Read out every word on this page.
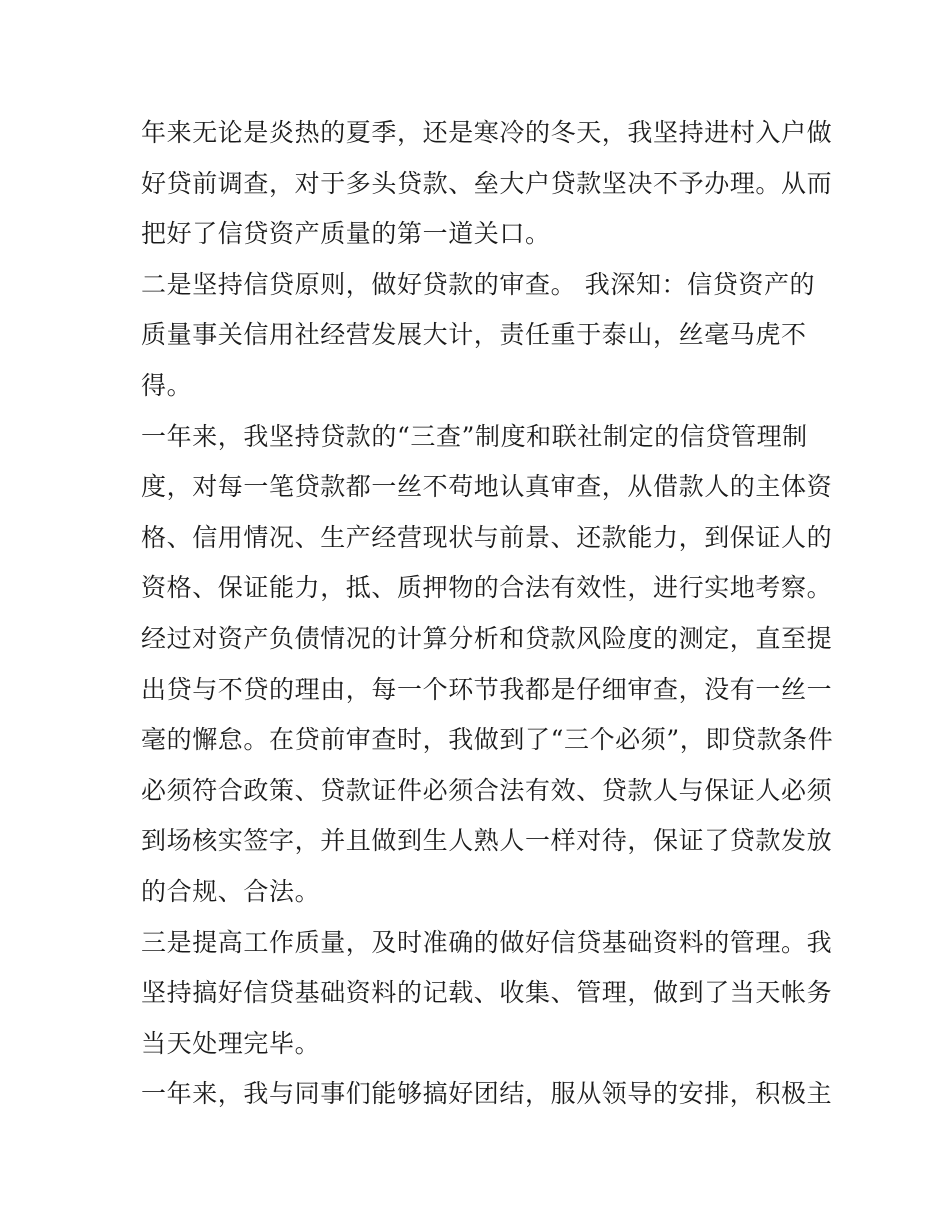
年来无论是炎热的夏季，还是寒冷的冬天，我坚持进村入户做

好贷前调查，对于多头贷款、垒大户贷款坚决不予办理。从而

把好了信贷资产质量的第一道关口。

二是坚持信贷原则，做好贷款的审查。 我深知：信贷资产的

质量事关信用社经营发展大计，责任重于泰山，丝毫马虎不

得。

一年来，我坚持贷款的“三查”制度和联社制定的信贷管理制

度，对每一笔贷款都一丝不苟地认真审查，从借款人的主体资

格、信用情况、生产经营现状与前景、还款能力，到保证人的

资格、保证能力，抵、质押物的合法有效性，进行实地考察。

经过对资产负债情况的计算分析和贷款风险度的测定，直至提

出贷与不贷的理由，每一个环节我都是仔细审查，没有一丝一

毫的懈怠。在贷前审查时，我做到了“三个必须”，即贷款条件

必须符合政策、贷款证件必须合法有效、贷款人与保证人必须

到场核实签字，并且做到生人熟人一样对待，保证了贷款发放

的合规、合法。

三是提高工作质量，及时准确的做好信贷基础资料的管理。我

坚持搞好信贷基础资料的记载、收集、管理，做到了当天帐务

当天处理完毕。

一年来，我与同事们能够搞好团结，服从领导的安排，积极主
